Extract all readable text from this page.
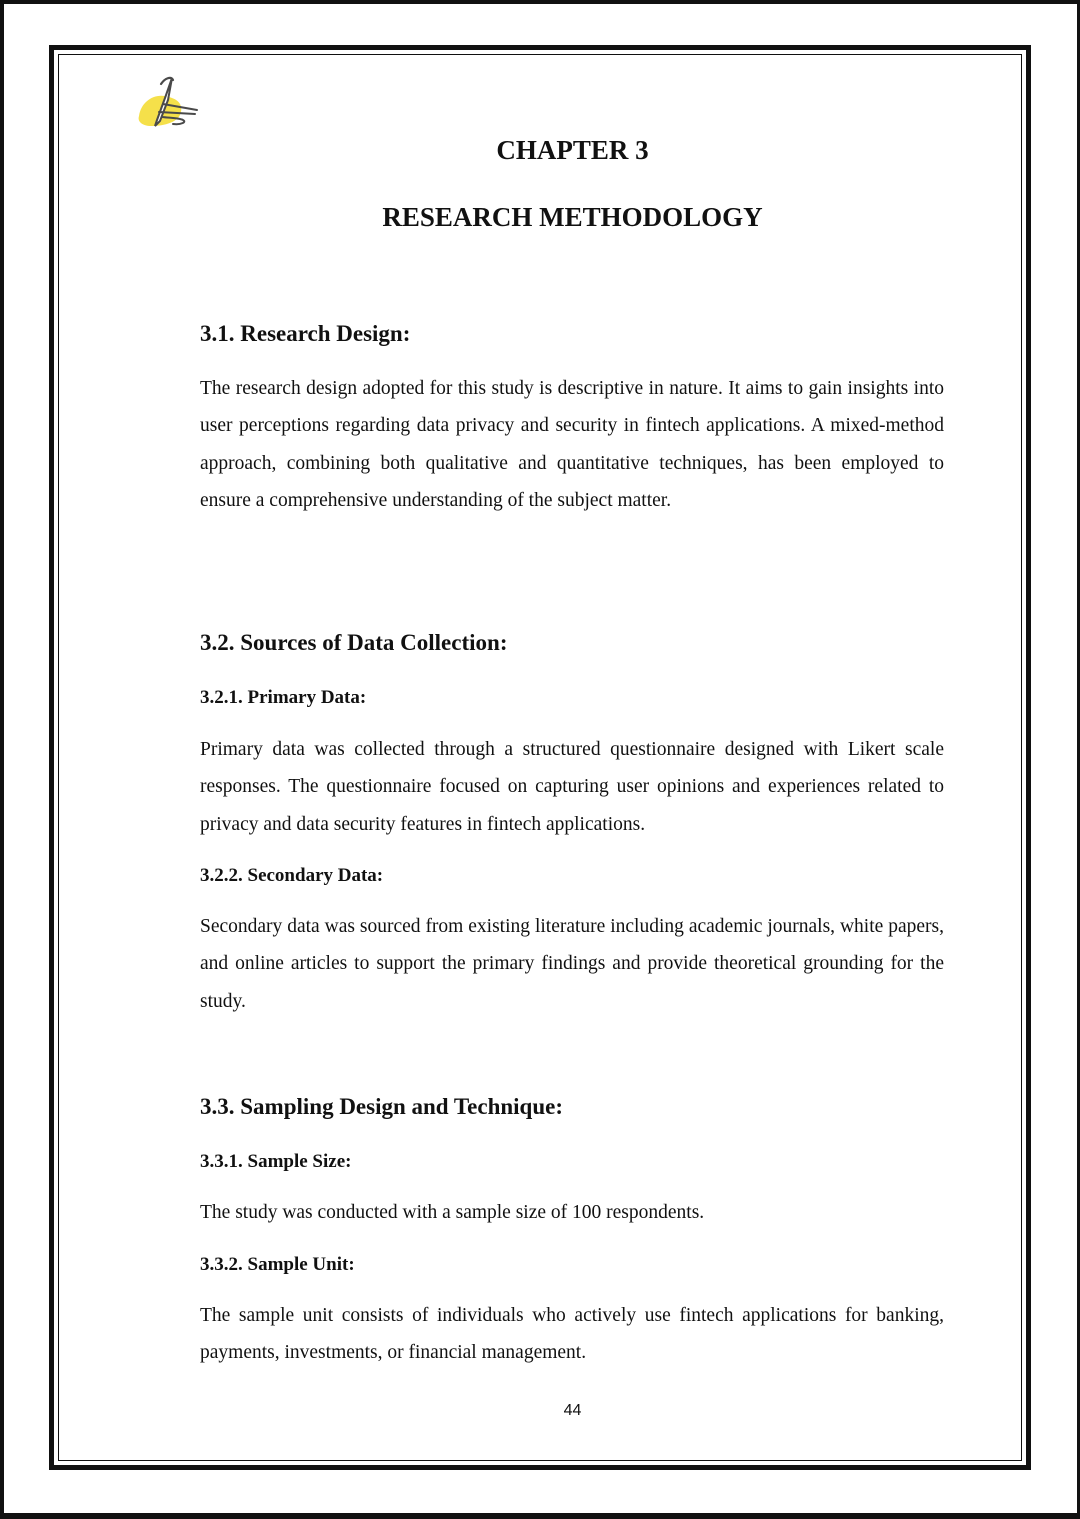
CHAPTER 3
RESEARCH METHODOLOGY
3.1. Research Design:

The research design adopted for this study is descriptive in nature. It aims to gain insights into user perceptions regarding data privacy and security in fintech applications. A mixed-method approach, combining both qualitative and quantitative techniques, has been employed to ensure a comprehensive understanding of the subject matter.

3.2. Sources of Data Collection:
3.2.1. Primary Data:

Primary data was collected through a structured questionnaire designed with Likert scale responses. The questionnaire focused on capturing user opinions and experiences related to privacy and data security features in fintech applications.

3.2.2. Secondary Data:

Secondary data was sourced from existing literature including academic journals, white papers, and online articles to support the primary findings and provide theoretical grounding for the study.

3.3. Sampling Design and Technique:
3.3.1. Sample Size:

The study was conducted with a sample size of 100 respondents.

3.3.2. Sample Unit:

The sample unit consists of individuals who actively use fintech applications for banking, payments, investments, or financial management.

44
